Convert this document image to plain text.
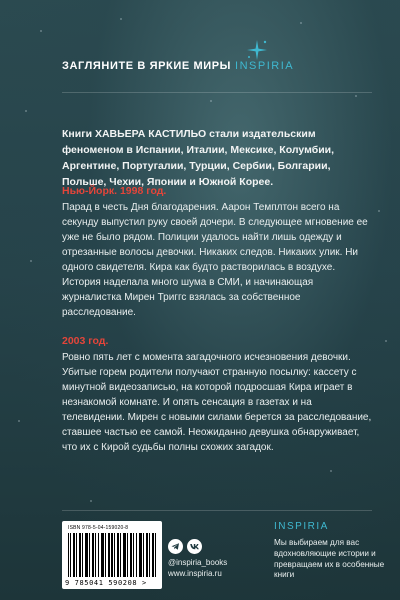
ЗАГЛЯНИТЕ В ЯРКИЕ МИРЫ INSPIRIA
Книги ХАВЬЕРА КАСТИЛЬО стали издательским феноменом в Испании, Италии, Мексике, Колумбии, Аргентине, Португалии, Турции, Сербии, Болгарии, Польше, Чехии, Японии и Южной Корее.
Нью-Йорк. 1998 год.
Парад в честь Дня благодарения. Аарон Темплтон всего на секунду выпустил руку своей дочери. В следующее мгновение ее уже не было рядом. Полиции удалось найти лишь одежду и отрезанные волосы девочки. Никаких следов. Никаких улик. Ни одного свидетеля. Кира как будто растворилась в воздухе. История наделала много шума в СМИ, и начинающая журналистка Мирен Триггс взялась за собственное расследование.
2003 год.
Ровно пять лет с момента загадочного исчезновения девочки. Убитые горем родители получают странную посылку: кассету с минутной видеозаписью, на которой подросшая Кира играет в незнакомой комнате. И опять сенсация в газетах и на телевидении. Мирен с новыми силами берется за расследование, ставшее частью ее самой. Неожиданно девушка обнаруживает, что их с Кирой судьбы полны схожих загадок.
ISBN 978-5-04-159020-8
9 785041 590208 >
@inspiria_books
www.inspiria.ru
INSPIRIA
Мы выбираем для вас вдохновляющие истории и превращаем их в особенные книги
